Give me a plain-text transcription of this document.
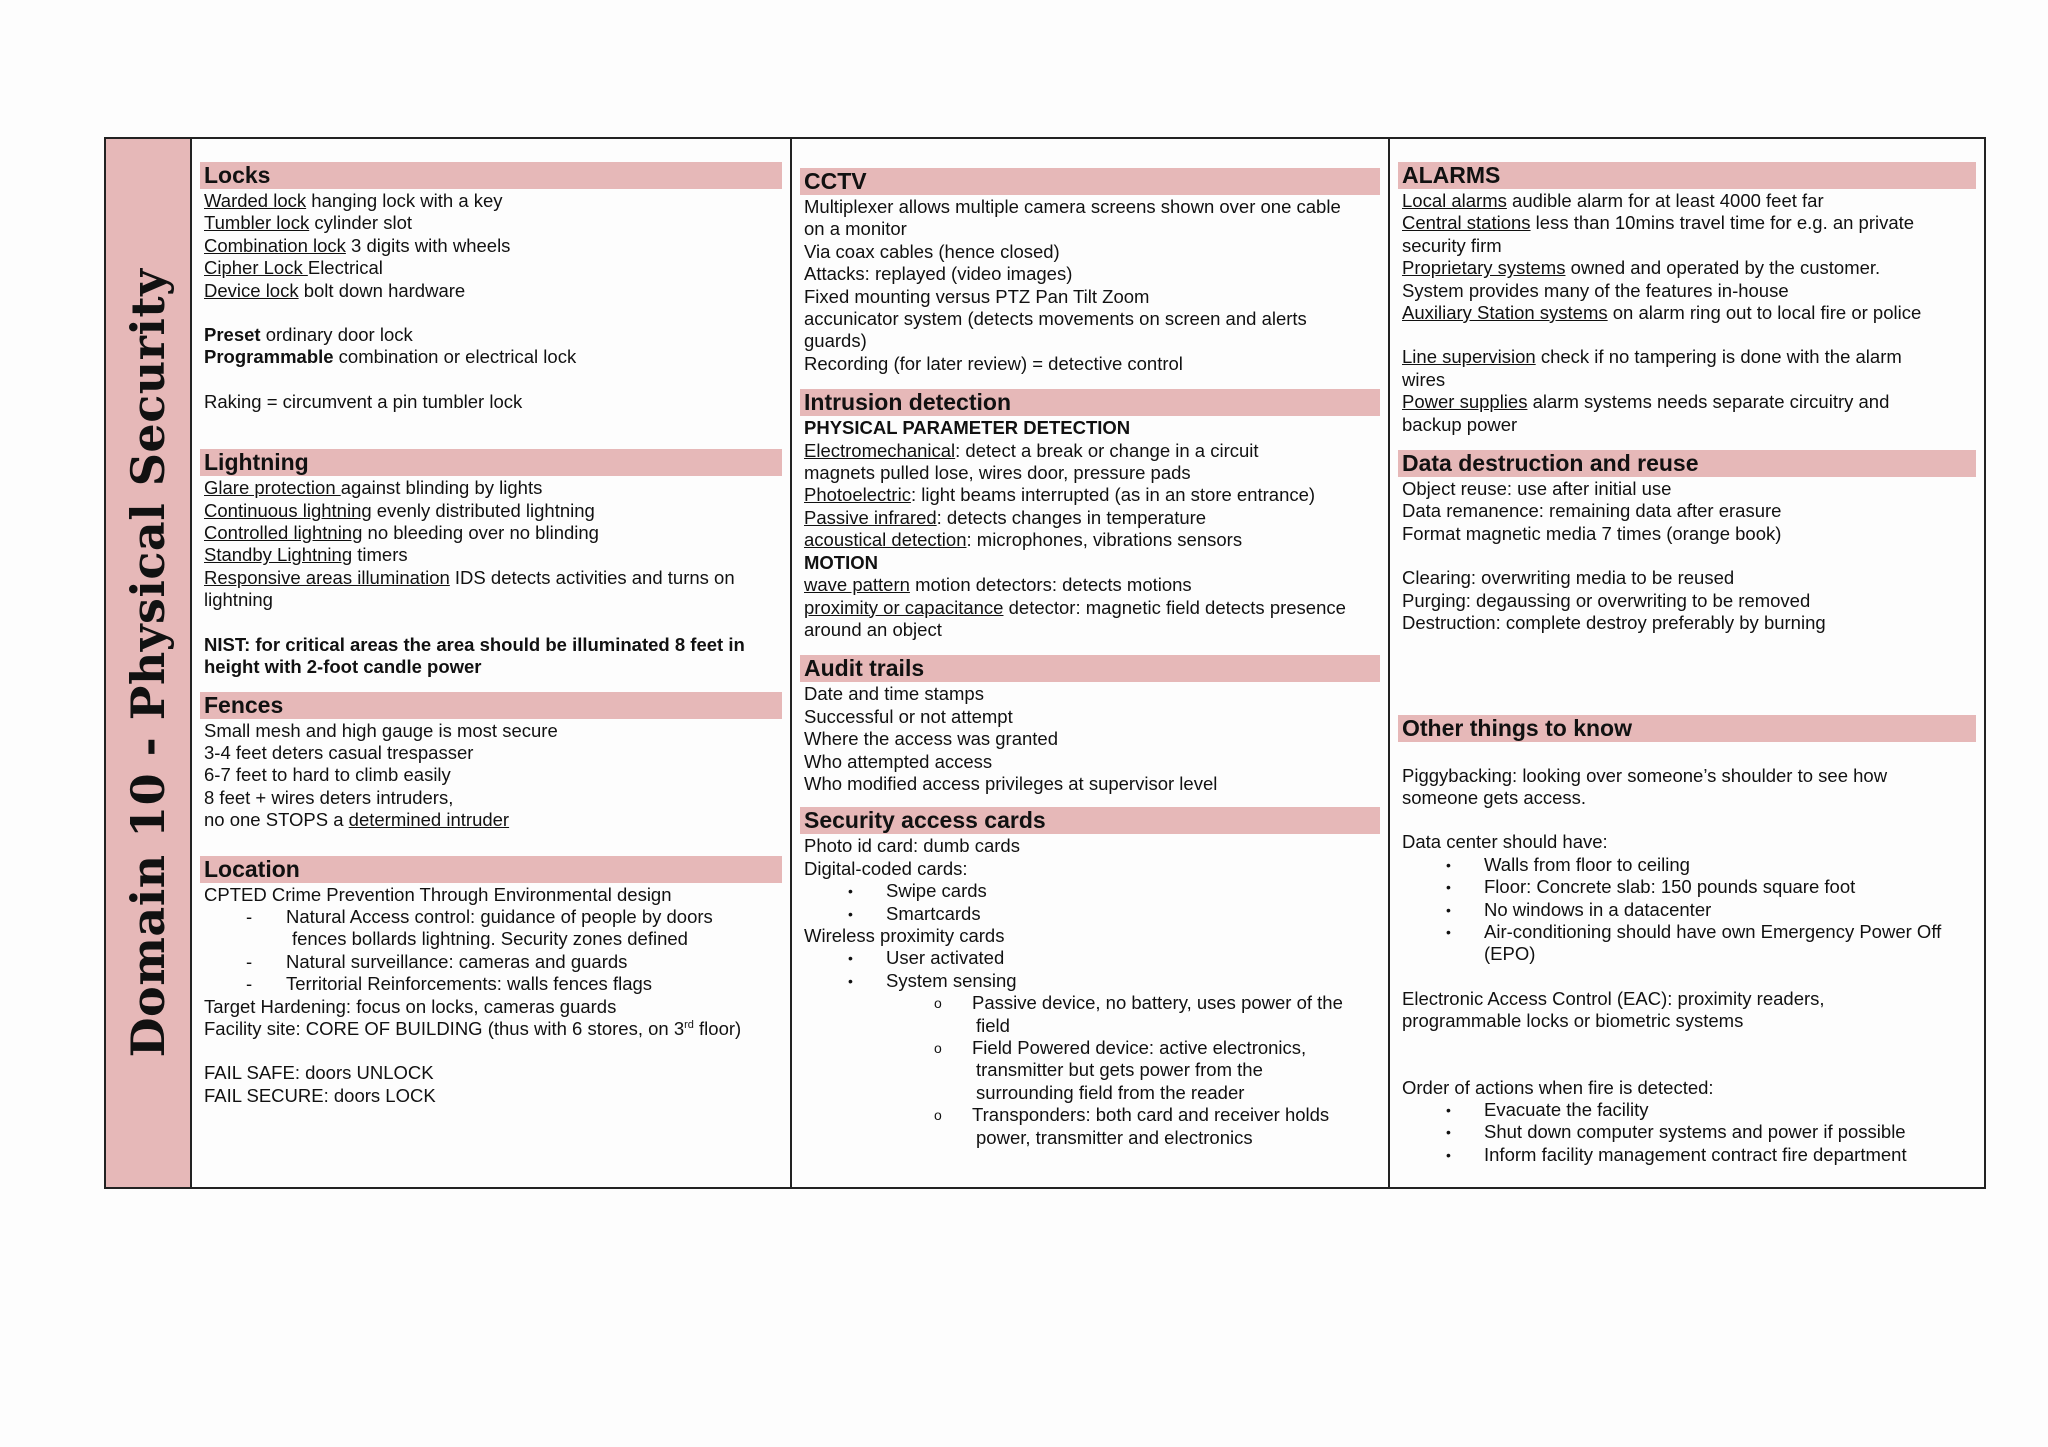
Domain 10 - Physical Security
Locks
Warded lock hanging lock with a key
Tumbler lock cylinder slot
Combination lock 3 digits with wheels
Cipher Lock Electrical
Device lock bolt down hardware
Preset ordinary door lock
Programmable combination or electrical lock
Raking = circumvent a pin tumbler lock
Lightning
Glare protection against blinding by lights
Continuous lightning evenly distributed lightning
Controlled lightning no bleeding over no blinding
Standby Lightning timers
Responsive areas illumination IDS detects activities and turns on
lightning
NIST: for critical areas the area should be illuminated 8 feet in
height with 2-foot candle power
Fences
Small mesh and high gauge is most secure
3-4 feet deters casual trespasser
6-7 feet to hard to climb easily
8 feet + wires deters intruders,
no one STOPS a determined intruder
Location
CPTED Crime Prevention Through Environmental design
- Natural Access control: guidance of people by doors
fences bollards lightning. Security zones defined
- Natural surveillance: cameras and guards
- Territorial Reinforcements: walls fences flags
Target Hardening: focus on locks, cameras guards
Facility site: CORE OF BUILDING (thus with 6 stores, on 3rd floor)
FAIL SAFE: doors UNLOCK
FAIL SECURE: doors LOCK
CCTV
Multiplexer allows multiple camera screens shown over one cable
on a monitor
Via coax cables (hence closed)
Attacks: replayed (video images)
Fixed mounting versus PTZ Pan Tilt Zoom
accunicator system (detects movements on screen and alerts
guards)
Recording (for later review) = detective control
Intrusion detection
PHYSICAL PARAMETER DETECTION
Electromechanical: detect a break or change in a circuit
magnets pulled lose, wires door, pressure pads
Photoelectric: light beams interrupted (as in an store entrance)
Passive infrared: detects changes in temperature
acoustical detection: microphones, vibrations sensors
MOTION
wave pattern motion detectors: detects motions
proximity or capacitance detector: magnetic field detects presence
around an object
Audit trails
Date and time stamps
Successful or not attempt
Where the access was granted
Who attempted access
Who modified access privileges at supervisor level
Security access cards
Photo id card: dumb cards
Digital-coded cards:
• Swipe cards
• Smartcards
Wireless proximity cards
• User activated
• System sensing
o Passive device, no battery, uses power of the
field
o Field Powered device: active electronics,
transmitter but gets power from the
surrounding field from the reader
o Transponders: both card and receiver holds
power, transmitter and electronics
ALARMS
Local alarms audible alarm for at least 4000 feet far
Central stations less than 10mins travel time for e.g. an private
security firm
Proprietary systems owned and operated by the customer.
System provides many of the features in-house
Auxiliary Station systems on alarm ring out to local fire or police
Line supervision check if no tampering is done with the alarm
wires
Power supplies alarm systems needs separate circuitry and
backup power
Data destruction and reuse
Object reuse: use after initial use
Data remanence: remaining data after erasure
Format magnetic media 7 times (orange book)
Clearing: overwriting media to be reused
Purging: degaussing or overwriting to be removed
Destruction: complete destroy preferably by burning
Other things to know
Piggybacking: looking over someone’s shoulder to see how
someone gets access.
Data center should have:
• Walls from floor to ceiling
• Floor: Concrete slab: 150 pounds square foot
• No windows in a datacenter
• Air-conditioning should have own Emergency Power Off
(EPO)
Electronic Access Control (EAC): proximity readers,
programmable locks or biometric systems
Order of actions when fire is detected:
• Evacuate the facility
• Shut down computer systems and power if possible
• Inform facility management contract fire department
